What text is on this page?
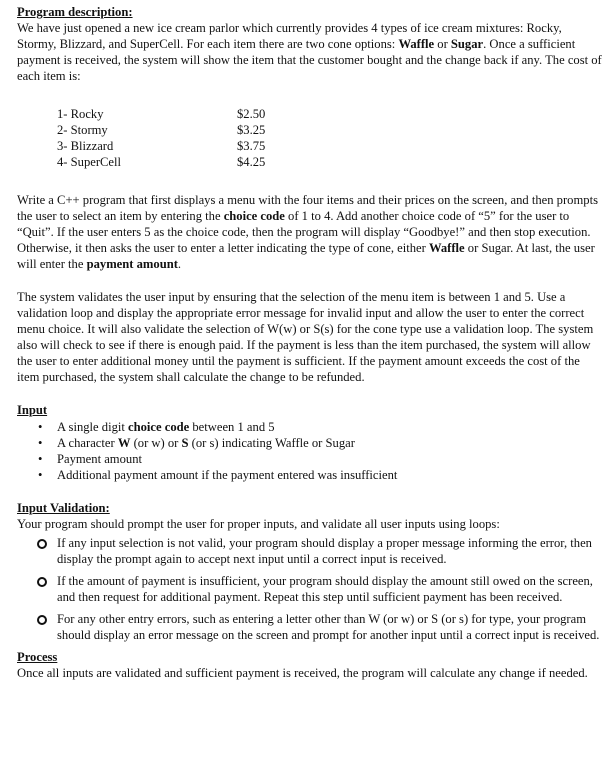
Program description:

We have just opened a new ice cream parlor which currently provides 4 types of ice cream mixtures: Rocky, Stormy, Blizzard, and SuperCell. For each item there are two cone options: Waffle or Sugar. Once a sufficient payment is received, the system will show the item that the customer bought and the change back if any. The cost of each item is:

1- Rocky	$2.50
2- Stormy	$3.25
3- Blizzard	$3.75
4- SuperCell	$4.25

Write a C++ program that first displays a menu with the four items and their prices on the screen, and then prompts the user to select an item by entering the choice code of 1 to 4. Add another choice code of “5” for the user to “Quit”. If the user enters 5 as the choice code, then the program will display “Goodbye!” and then stop execution. Otherwise, it then asks the user to enter a letter indicating the type of cone, either Waffle or Sugar. At last, the user will enter the payment amount.

The system validates the user input by ensuring that the selection of the menu item is between 1 and 5. Use a validation loop and display the appropriate error message for invalid input and allow the user to enter the correct menu choice. It will also validate the selection of W(w) or S(s) for the cone type use a validation loop. The system also will check to see if there is enough paid. If the payment is less than the item purchased, the system will allow the user to enter additional money until the payment is sufficient. If the payment amount exceeds the cost of the item purchased, the system shall calculate the change to be refunded.

Input
• A single digit choice code between 1 and 5
• A character W (or w) or S (or s) indicating Waffle or Sugar
• Payment amount
• Additional payment amount if the payment entered was insufficient
Input Validation:

Your program should prompt the user for proper inputs, and validate all user inputs using loops:

If any input selection is not valid, your program should display a proper message informing the error, then display the prompt again to accept next input until a correct input is received.
If the amount of payment is insufficient, your program should display the amount still owed on the screen, and then request for additional payment. Repeat this step until sufficient payment has been received.
For any other entry errors, such as entering a letter other than W (or w) or S (or s) for type, your program should display an error message on the screen and prompt for another input until a correct input is received.
Process

Once all inputs are validated and sufficient payment is received, the program will calculate any change if needed.
